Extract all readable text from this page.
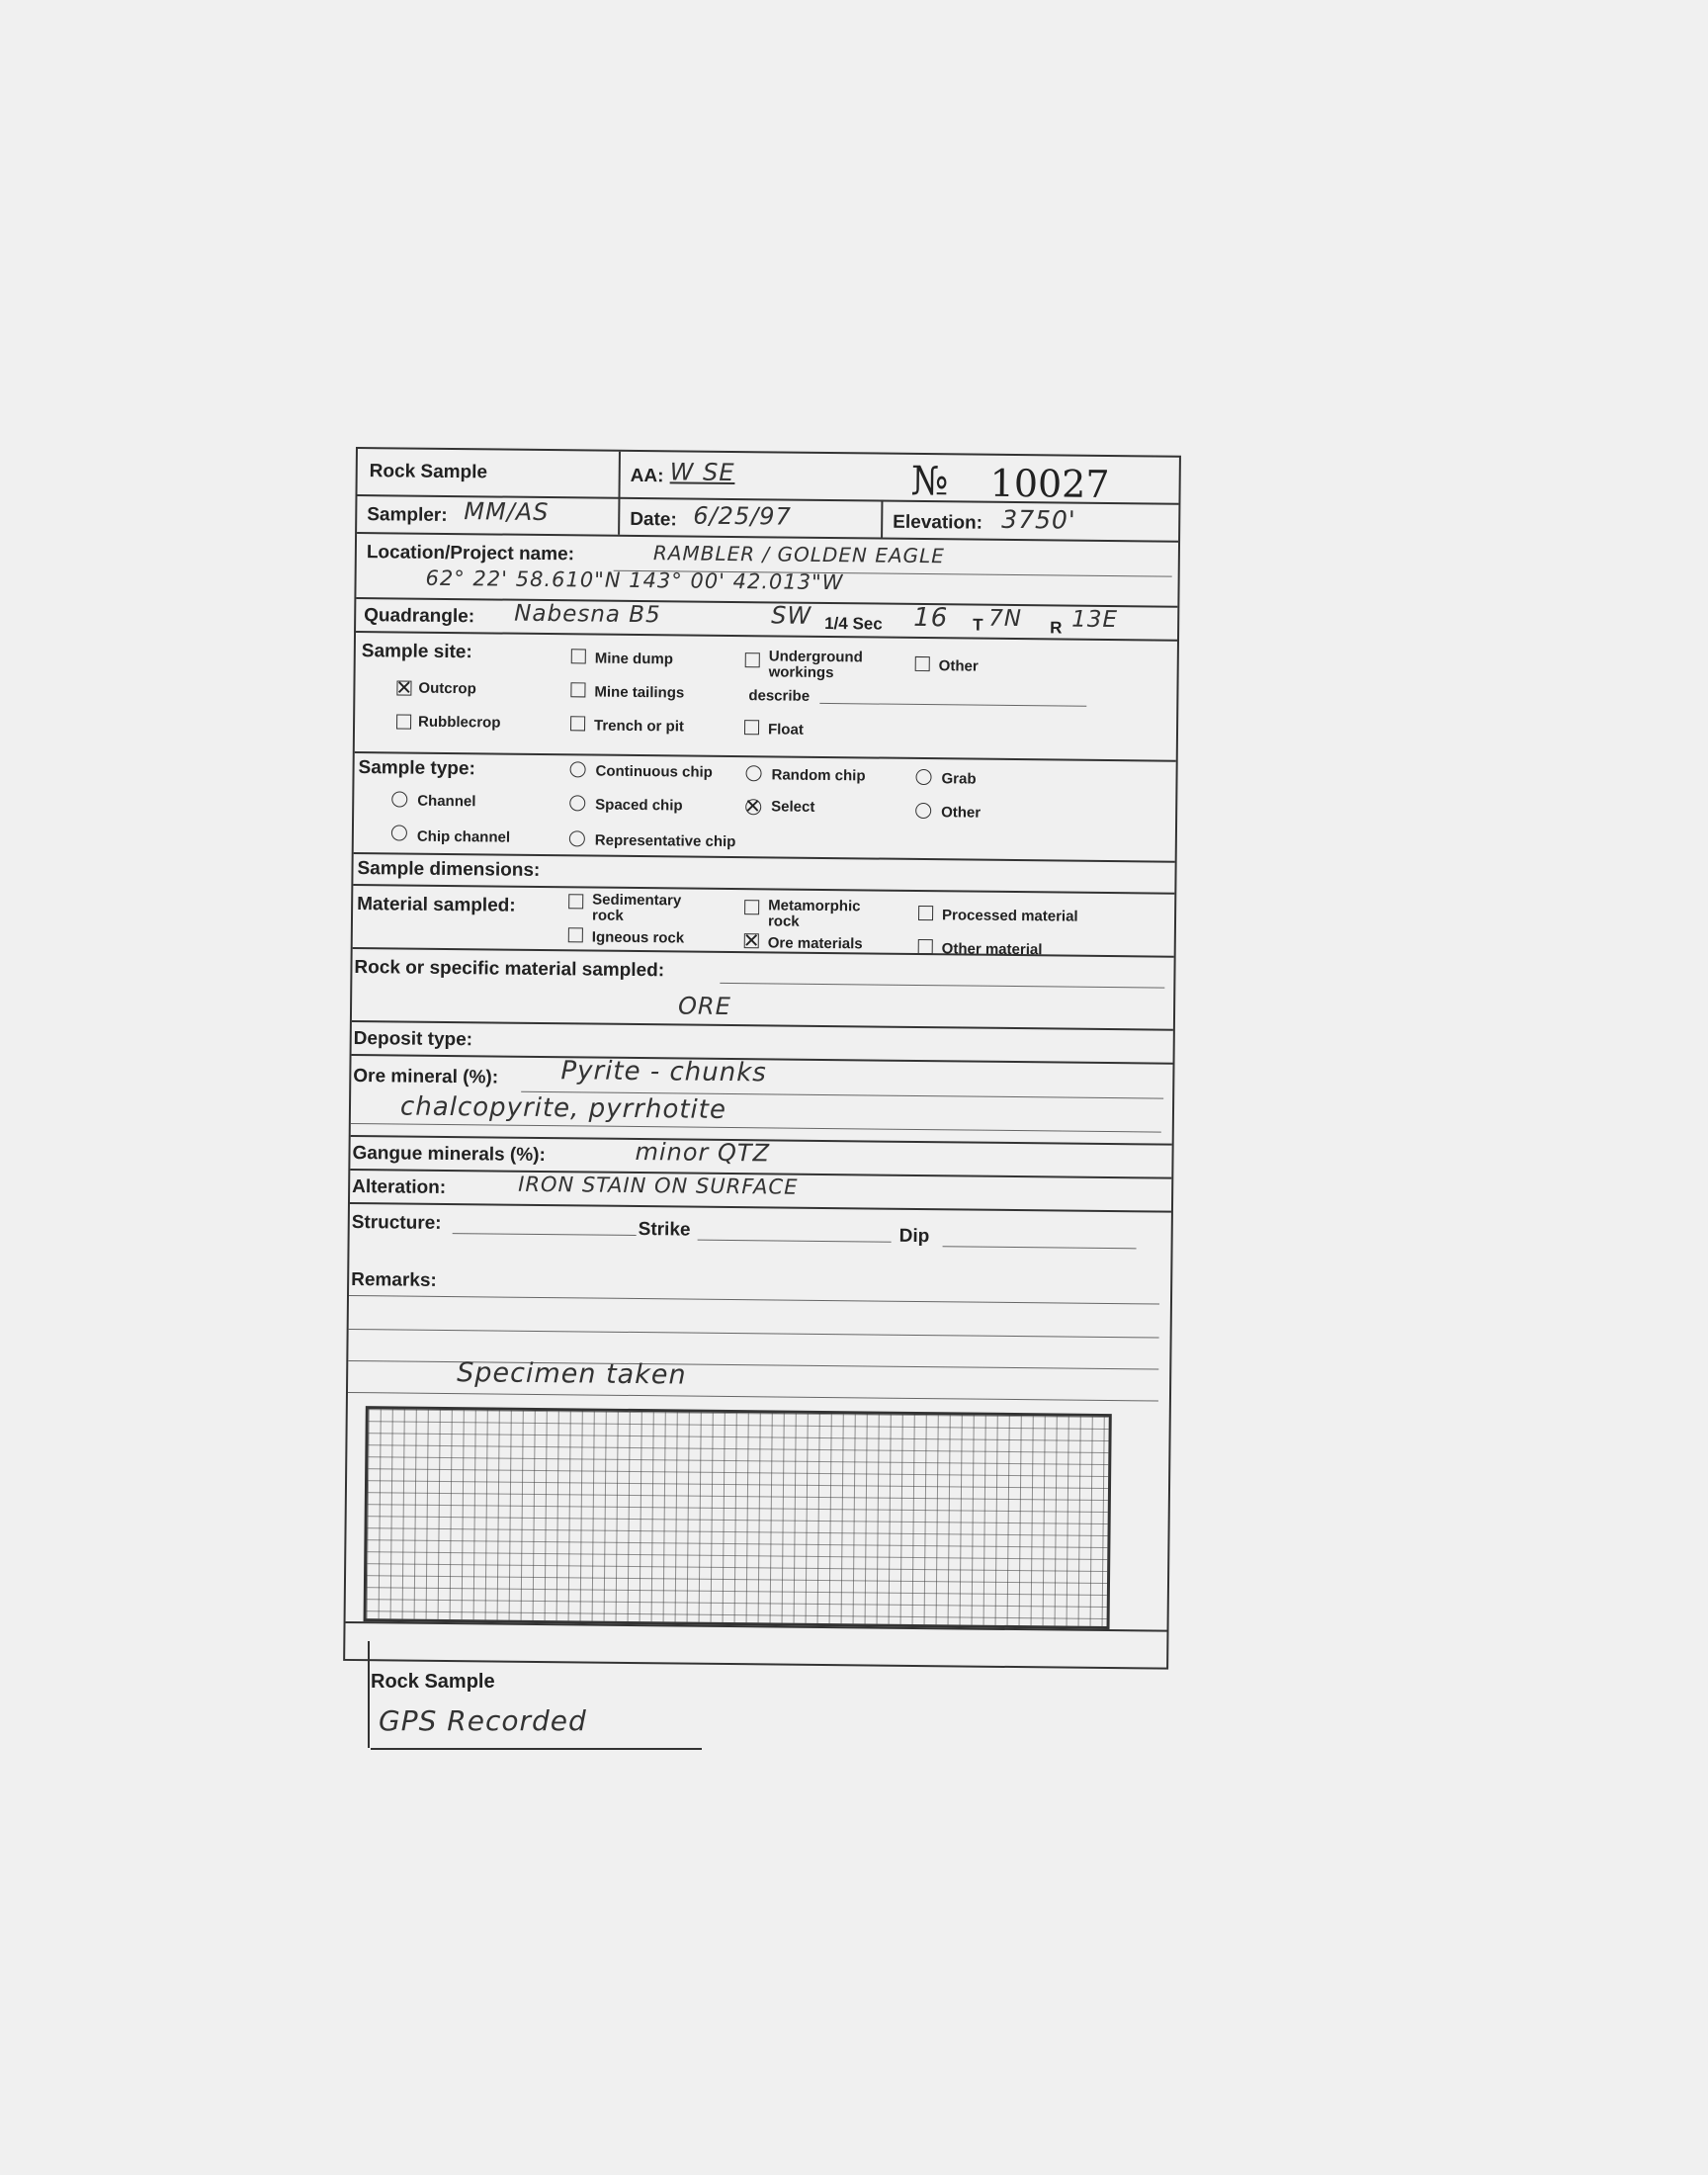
Rock Sample	AA: W SE	№ 10027
Sampler: MM/AS	Date: 6/25/97	Elevation: 3750'
Location/Project name:	RAMBLER / GOLDEN EAGLE
62° 22' 58.610"N 143° 00' 42.013"W
Quadrangle: Nabesna B5	SW 1/4 Sec 16 T 7N R 13E
Sample site:
✕
Outcrop
Rubblecrop
Mine dump
Mine tailings
Trench or pit
Underground workings
describe
Float
Other
Sample type:	Continuous chip	Random chip	Grab
Channel	Spaced chip
✕	Select	Other
Chip channel	Representative chip
Sample dimensions:
Material sampled:	Sedimentary rock
Igneous rock
Metamorphic rock
✕
Ore materials
Processed material
Other material
Rock or specific material sampled:
ORE
Deposit type:
Ore mineral (%): Pyrite - chunks
chalcopyrite, pyrrhotite
Gangue minerals (%):	minor QTZ
Alteration:	IRON STAIN ON SURFACE
Structure:	Strike	Dip
Remarks:
Specimen taken
Rock Sample
GPS Recorded
